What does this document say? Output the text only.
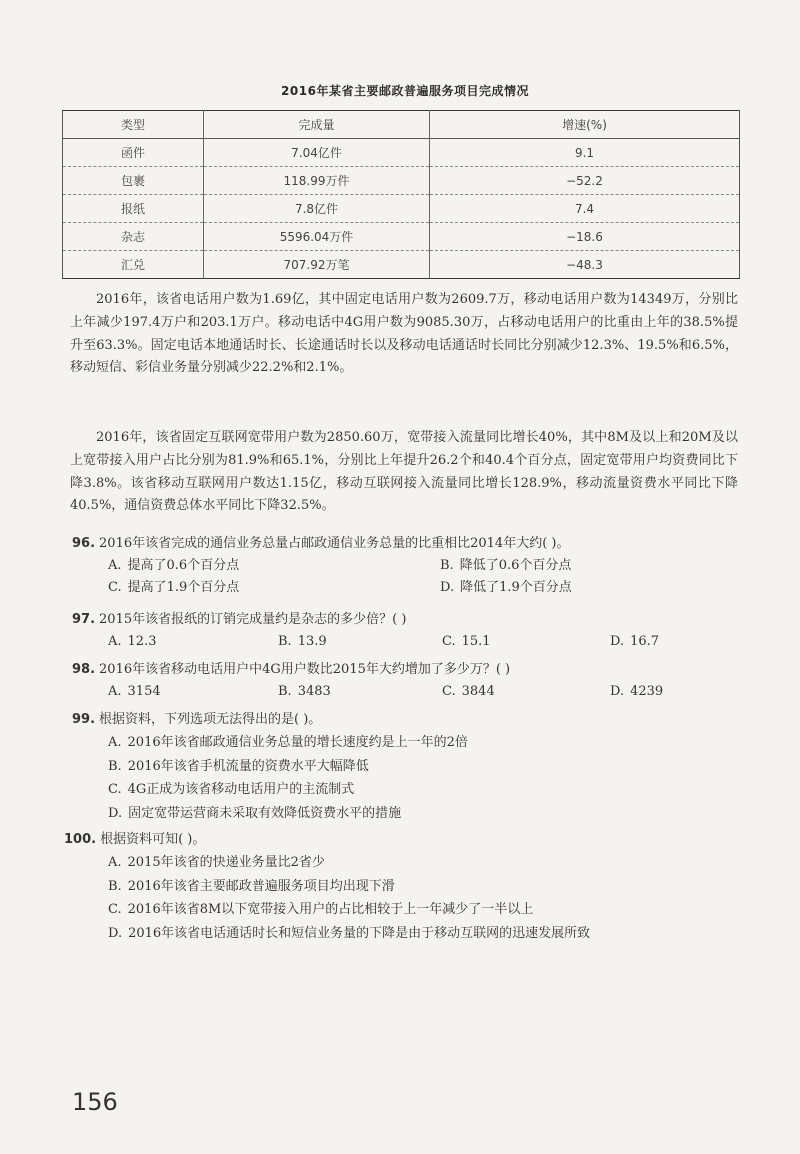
2016年某省主要邮政普遍服务项目完成情况
类型	完成量	增速(%)
函件	7.04亿件	9.1
包裹	118.99万件	−52.2
报纸	7.8亿件	7.4
杂志	5596.04万件	−18.6
汇兑	707.92万笔	−48.3

2016年，该省电话用户数为1.69亿，其中固定电话用户数为2609.7万，移动电话用户数为14349万，分别比上年减少197.4万户和203.1万户。移动电话中4G用户数为9085.30万，占移动电话用户的比重由上年的38.5%提升至63.3%。固定电话本地通话时长、长途通话时长以及移动电话通话时长同比分别减少12.3%、19.5%和6.5%，移动短信、彩信业务量分别减少22.2%和2.1%。

2016年，该省固定互联网宽带用户数为2850.60万，宽带接入流量同比增长40%，其中8M及以上和20M及以上宽带接入用户占比分别为81.9%和65.1%，分别比上年提升26.2个和40.4个百分点，固定宽带用户均资费同比下降3.8%。该省移动互联网用户数达1.15亿，移动互联网接入流量同比增长128.9%，移动流量资费水平同比下降40.5%，通信资费总体水平同比下降32.5%。

96. 2016年该省完成的通信业务总量占邮政通信业务总量的比重相比2014年大约( )。
A. 提高了0.6个百分点	B. 降低了0.6个百分点
C. 提高了1.9个百分点	D. 降低了1.9个百分点
97. 2015年该省报纸的订销完成量约是杂志的多少倍？( )
A. 12.3	B. 13.9	C. 15.1	D. 16.7
98. 2016年该省移动电话用户中4G用户数比2015年大约增加了多少万？( )
A. 3154	B. 3483	C. 3844	D. 4239
99. 根据资料，下列选项无法得出的是( )。
A. 2016年该省邮政通信业务总量的增长速度约是上一年的2倍
B. 2016年该省手机流量的资费水平大幅降低
C. 4G正成为该省移动电话用户的主流制式
D. 固定宽带运营商未采取有效降低资费水平的措施
100. 根据资料可知( )。
A. 2015年该省的快递业务量比2省少
B. 2016年该省主要邮政普遍服务项目均出现下滑
C. 2016年该省8M以下宽带接入用户的占比相较于上一年减少了一半以上
D. 2016年该省电话通话时长和短信业务量的下降是由于移动互联网的迅速发展所致
156
